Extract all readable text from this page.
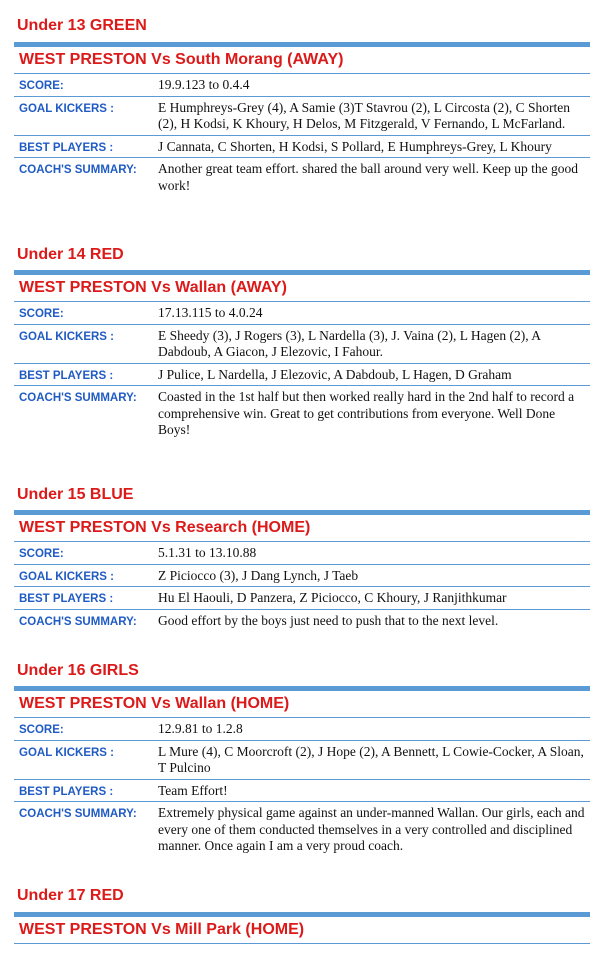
Under 13 GREEN
WEST PRESTON Vs South Morang (AWAY)
SCORE:	19.9.123 to 0.4.4
GOAL KICKERS :	E Humphreys-Grey (4), A Samie (3)T Stavrou (2), L Circosta (2), C Shorten (2), H Kodsi, K Khoury, H Delos, M Fitzgerald, V Fernando, L McFarland.
BEST PLAYERS :	J Cannata, C Shorten, H Kodsi, S Pollard, E Humphreys-Grey, L Khoury
COACH'S SUMMARY:	Another great team effort. shared the ball around very well. Keep up the good work!
Under 14 RED
WEST PRESTON Vs Wallan (AWAY)
SCORE:	17.13.115 to 4.0.24
GOAL KICKERS :	E Sheedy (3), J Rogers (3), L Nardella (3), J. Vaina (2), L Hagen (2), A Dabdoub, A Giacon, J Elezovic, I Fahour.
BEST PLAYERS :	J Pulice, L Nardella, J Elezovic, A Dabdoub, L Hagen, D Graham
COACH'S SUMMARY:	Coasted in the 1st half but then worked really hard in the 2nd half to record a comprehensive win. Great to get contributions from everyone. Well Done Boys!
Under 15 BLUE
WEST PRESTON Vs Research (HOME)
SCORE:	5.1.31 to 13.10.88
GOAL KICKERS :	Z Piciocco (3), J Dang Lynch, J Taeb
BEST PLAYERS :	Hu El Haouli, D Panzera, Z Piciocco, C Khoury, J Ranjithkumar
COACH'S SUMMARY:	Good effort by the boys just need to push that to the next level.
Under 16 GIRLS
WEST PRESTON Vs Wallan (HOME)
SCORE:	12.9.81 to 1.2.8
GOAL KICKERS :	L Mure (4), C Moorcroft (2), J Hope (2), A Bennett, L Cowie-Cocker, A Sloan, T Pulcino
BEST PLAYERS :	Team Effort!
COACH'S SUMMARY:	Extremely physical game against an under-manned Wallan. Our girls, each and every one of them conducted themselves in a very controlled and disciplined manner. Once again I am a very proud coach.
Under 17 RED
WEST PRESTON Vs Mill Park (HOME)
